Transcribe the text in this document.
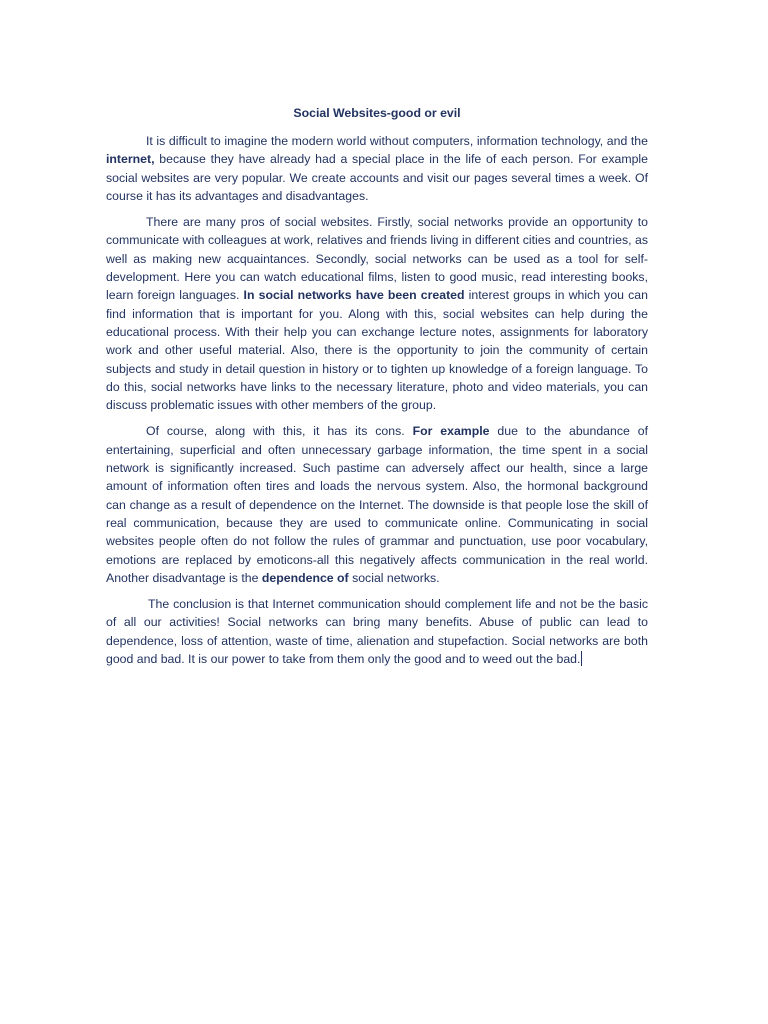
Social Websites-good or evil

It is difficult to imagine the modern world without computers, information technology, and the internet, because they have already had a special place in the life of each person. For example social websites are very popular. We create accounts and visit our pages several times a week. Of course it has its advantages and disadvantages.

There are many pros of social websites. Firstly, social networks provide an opportunity to communicate with colleagues at work, relatives and friends living in different cities and countries, as well as making new acquaintances. Secondly, social networks can be used as a tool for self-development. Here you can watch educational films, listen to good music, read interesting books, learn foreign languages. In social networks have been created interest groups in which you can find information that is important for you. Along with this, social websites can help during the educational process. With their help you can exchange lecture notes, assignments for laboratory work and other useful material. Also, there is the opportunity to join the community of certain subjects and study in detail question in history or to tighten up knowledge of a foreign language. To do this, social networks have links to the necessary literature, photo and video materials, you can discuss problematic issues with other members of the group.

Of course, along with this, it has its cons. For example due to the abundance of entertaining, superficial and often unnecessary garbage information, the time spent in a social network is significantly increased. Such pastime can adversely affect our health, since a large amount of information often tires and loads the nervous system. Also, the hormonal background can change as a result of dependence on the Internet. The downside is that people lose the skill of real communication, because they are used to communicate online. Communicating in social websites people often do not follow the rules of grammar and punctuation, use poor vocabulary, emotions are replaced by emoticons-all this negatively affects communication in the real world. Another disadvantage is the dependence of social networks.

The conclusion is that Internet communication should complement life and not be the basic of all our activities! Social networks can bring many benefits. Abuse of public can lead to dependence, loss of attention, waste of time, alienation and stupefaction. Social networks are both good and bad. It is our power to take from them only the good and to weed out the bad.
